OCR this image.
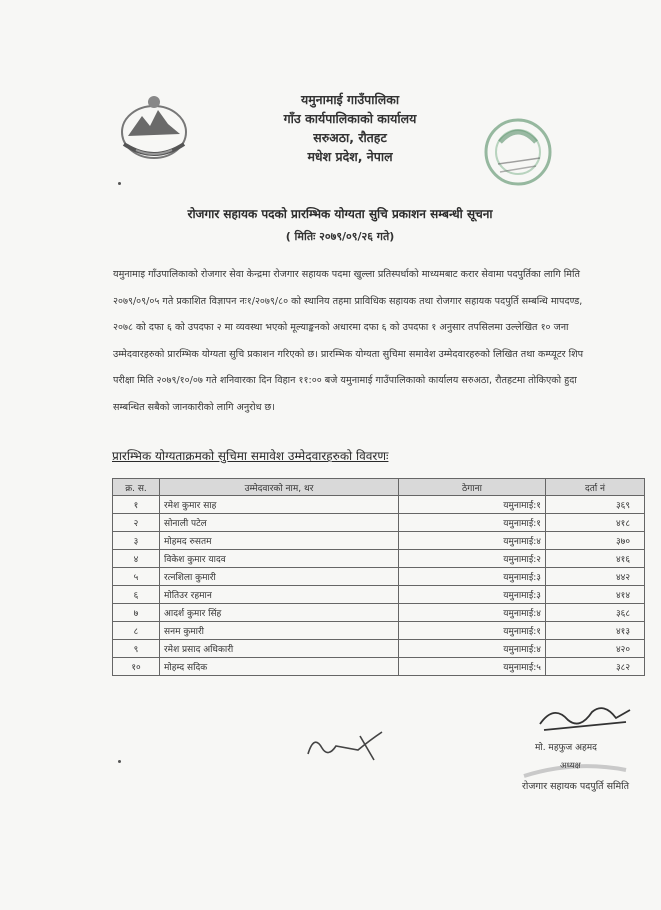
यमुनामाई गाउँपालिका
गाँउ कार्यपालिकाको कार्यालय
सरुअठा, रौतहट
मधेश प्रदेश, नेपाल
रोजगार सहायक पदको प्रारम्भिक योग्यता सुचि प्रकाशन सम्बन्धी सूचना
( मितिः २०७९/०९/२६ गते)
यमुनामाइ गाँउपालिकाको रोजगार सेवा केन्द्रमा रोजगार सहायक पदमा खुल्ला प्रतिस्पर्धाको माध्यमबाट करार सेवामा पदपुर्तिका लागि मिति
२०७९/०९/०५ गते प्रकाशित विज्ञापन नः१/२०७९/८० को स्थानिय तहमा प्राविधिक सहायक तथा रोजगार सहायक पदपुर्ति सम्बन्धि मापदण्ड,
२०७८ को दफा ६ को उपदफा २ मा व्यवस्था भएको मूल्याङ्कनको अधारमा दफा ६ को उपदफा १ अनुसार तपसिलमा उल्लेखित १० जना
उम्मेदवारहरुको प्रारम्भिक योग्यता सुचि प्रकाशन गरिएको छ। प्रारम्भिक योग्यता सुचिमा समावेश उम्मेदवारहरुको लिखित तथा कम्प्यूटर शिप
परीक्षा मिति २०७९/१०/०७ गते शनिवारका दिन विहान ११:०० बजे यमुनामाई गाउँपालिकाको कार्यालय सरुअठा, रौतहटमा तोकिएको हुदा
सम्बन्धित सबैको जानकारीको लागि अनुरोध छ।
प्रारम्भिक योग्यताक्रमको सुचिमा समावेश उम्मेदवारहरुको विवरणः
क्र. स.	उम्मेदवारको नाम, थर	ठेगाना	दर्ता नं
१	रमेश कुमार साह	यमुनामाई:१	३६९
२	सोनाली पटेल	यमुनामाई:१	४१८
३	मोहमद रुसतम	यमुनामाई:४	३७०
४	विकेश कुमार यादव	यमुनामाई:२	४१६
५	रत्नशिला कुमारी	यमुनामाई:३	४४२
६	मोतिउर रहमान	यमुनामाई:३	४१४
७	आदर्श कुमार सिंह	यमुनामाई:४	३६८
८	सनम कुमारी	यमुनामाई:१	४१३
९	रमेश प्रसाद अधिकारी	यमुनामाई:४	४२०
१०	मोहम्द सदिक	यमुनामाई:५	३८२
मो. महफुज अहमद
अध्यक्ष
रोजगार सहायक पदपुर्ति समिति
